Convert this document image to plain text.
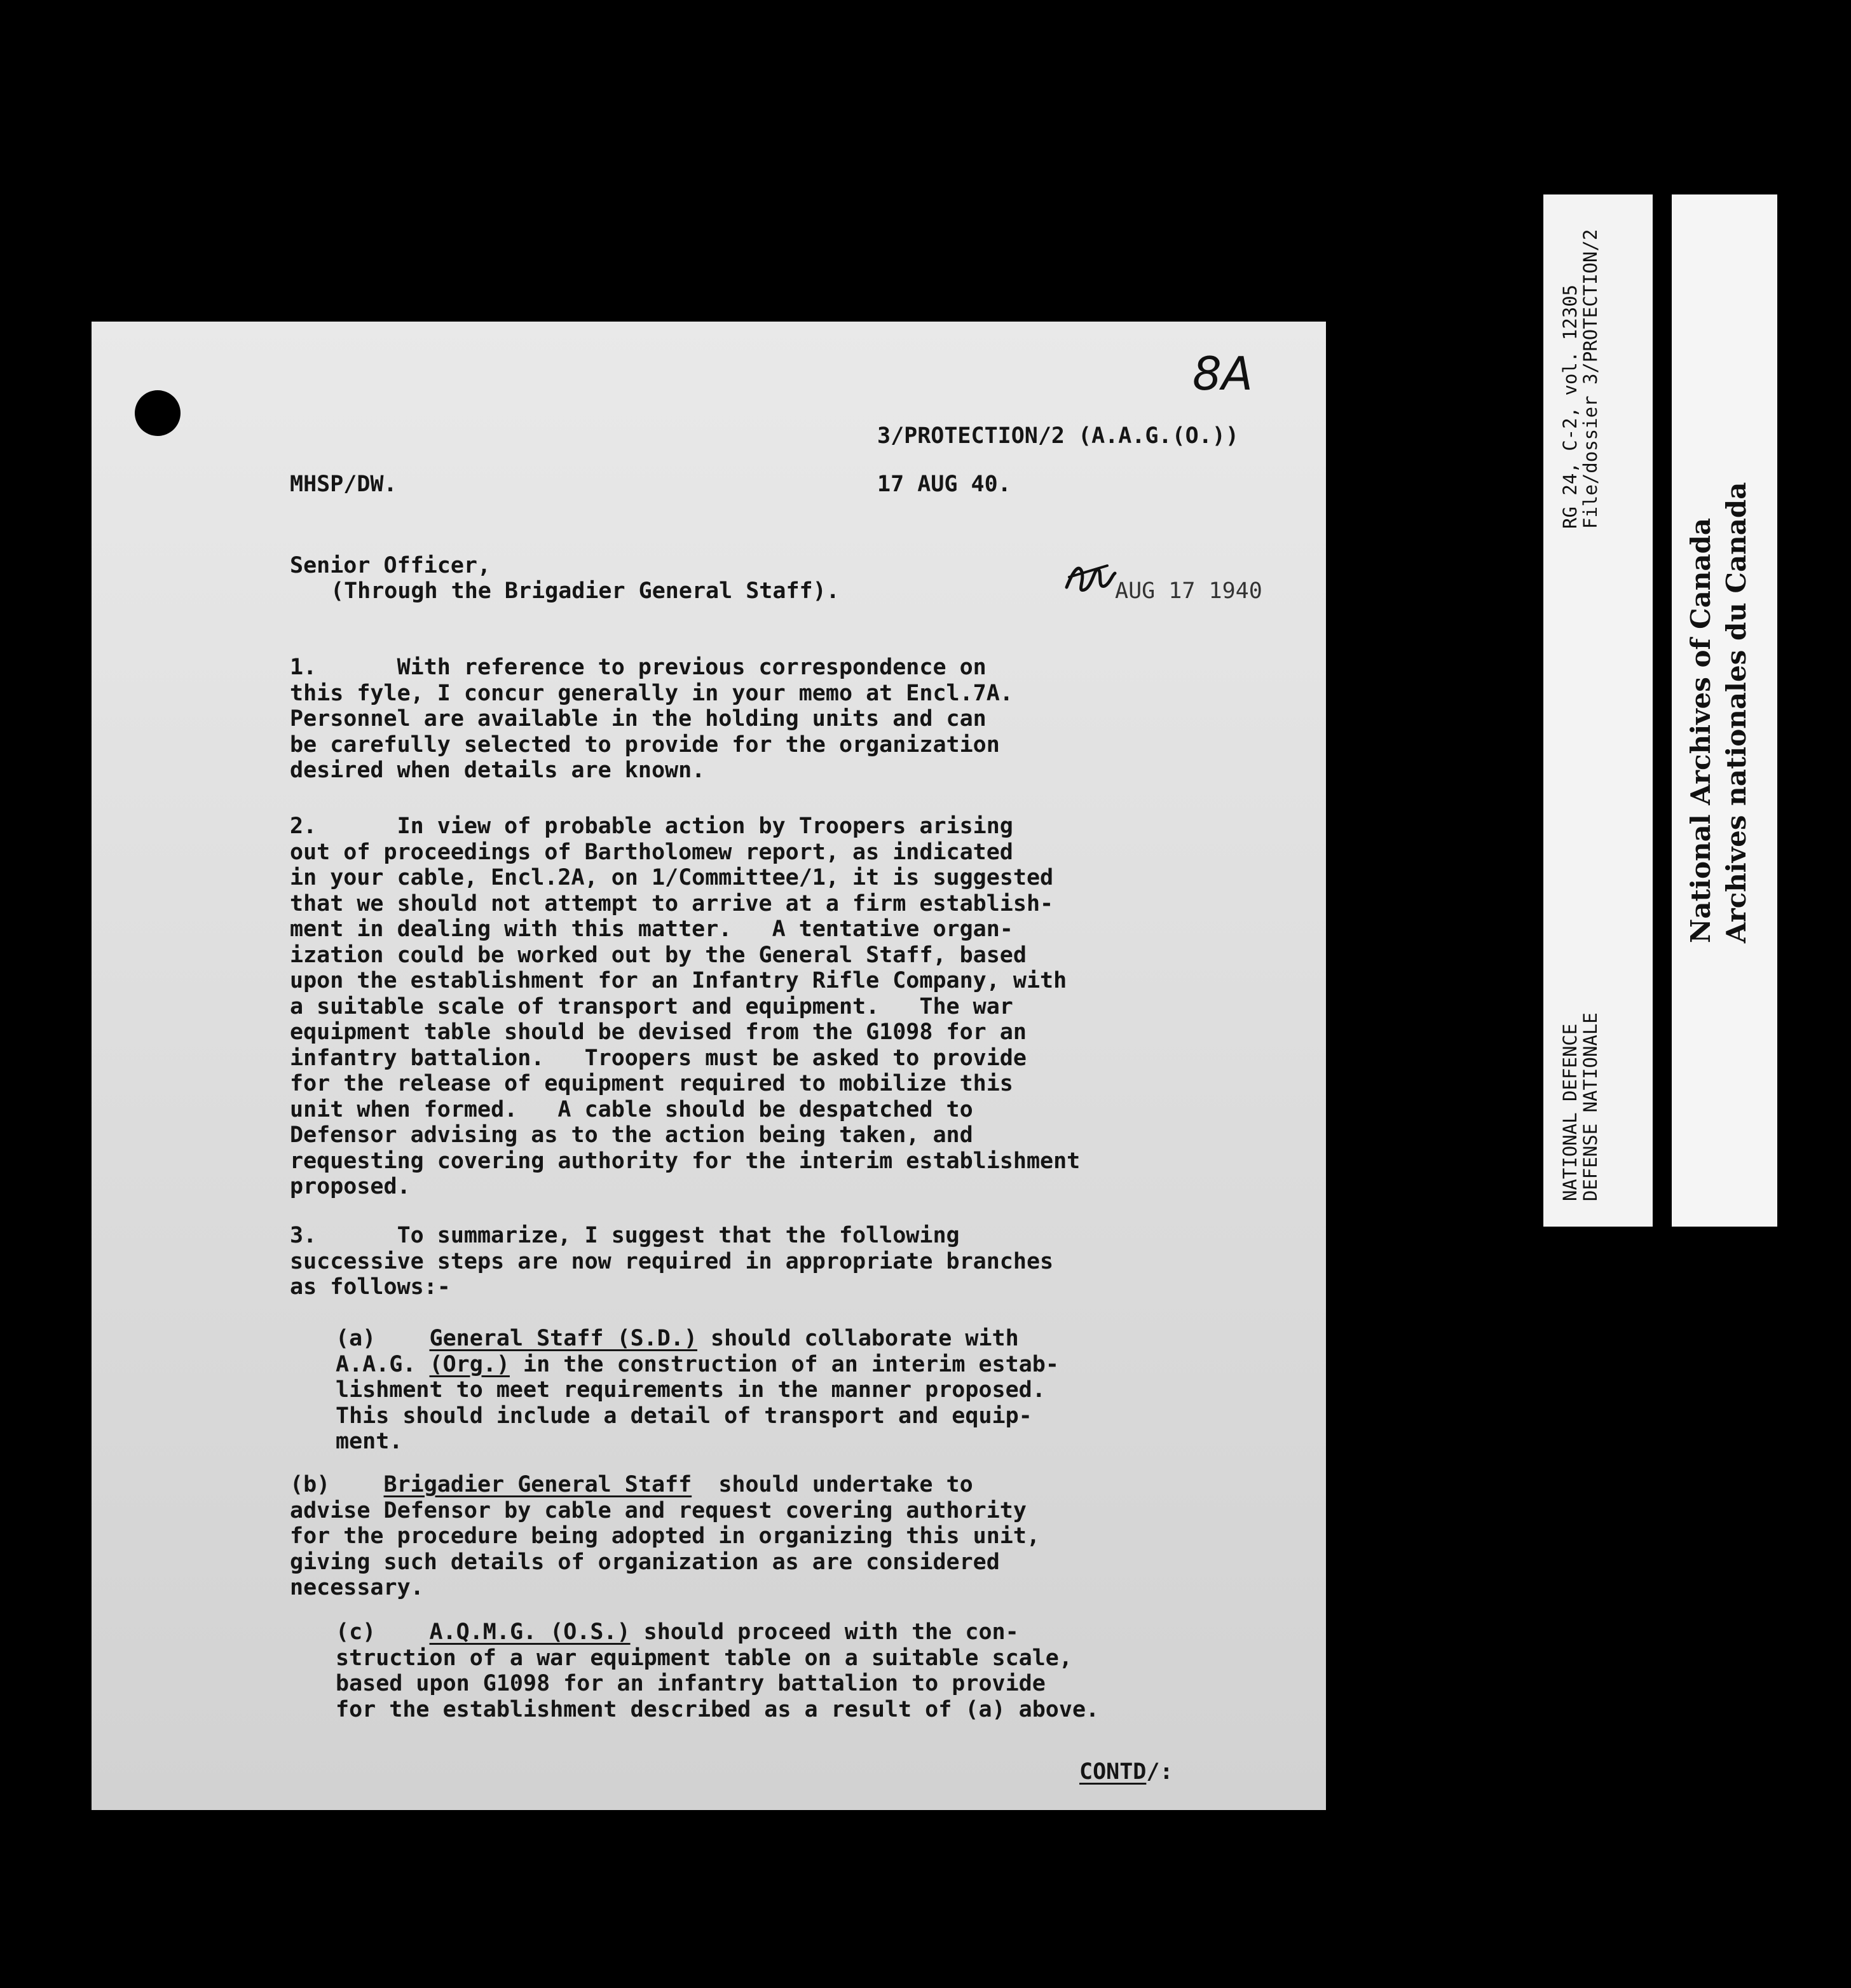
8A

3/PROTECTION/2 (A.A.G.(O.))

MHSP/DW.	17 AUG 40.

Senior Officer,

(Through the Brigadier General Staff).	AUG 17 1940

1.      With reference to previous correspondence on
this fyle, I concur generally in your memo at Encl.7A.
Personnel are available in the holding units and can
be carefully selected to provide for the organization
desired when details are known.
2.      In view of probable action by Troopers arising
out of proceedings of Bartholomew report, as indicated
in your cable, Encl.2A, on 1/Committee/1, it is suggested
that we should not attempt to arrive at a firm establish-
ment in dealing with this matter.   A tentative organ-
ization could be worked out by the General Staff, based
upon the establishment for an Infantry Rifle Company, with
a suitable scale of transport and equipment.   The war
equipment table should be devised from the G1098 for an
infantry battalion.   Troopers must be asked to provide
for the release of equipment required to mobilize this
unit when formed.   A cable should be despatched to
Defensor advising as to the action being taken, and
requesting covering authority for the interim establishment
proposed.
3.      To summarize, I suggest that the following
successive steps are now required in appropriate branches
as follows:-
(a) General Staff (S.D.) should collaborate with
A.A.G. (Org.) in the construction of an interim estab-
lishment to meet requirements in the manner proposed.
This should include a detail of transport and equip-
ment.
(b) Brigadier General Staff  should undertake to
advise Defensor by cable and request covering authority
for the procedure being adopted in organizing this unit,
giving such details of organization as are considered
necessary.
(c) A.Q.M.G. (O.S.) should proceed with the con-
struction of a war equipment table on a suitable scale,
based upon G1098 for an infantry battalion to provide
for the establishment described as a result of (a) above.

CONTD/:

RG 24, C-2, vol. 12305

File/dossier 3/PROTECTION/2

NATIONAL DEFENCE

DEFENSE NATIONALE

National Archives of Canada Archives nationales du Canada
